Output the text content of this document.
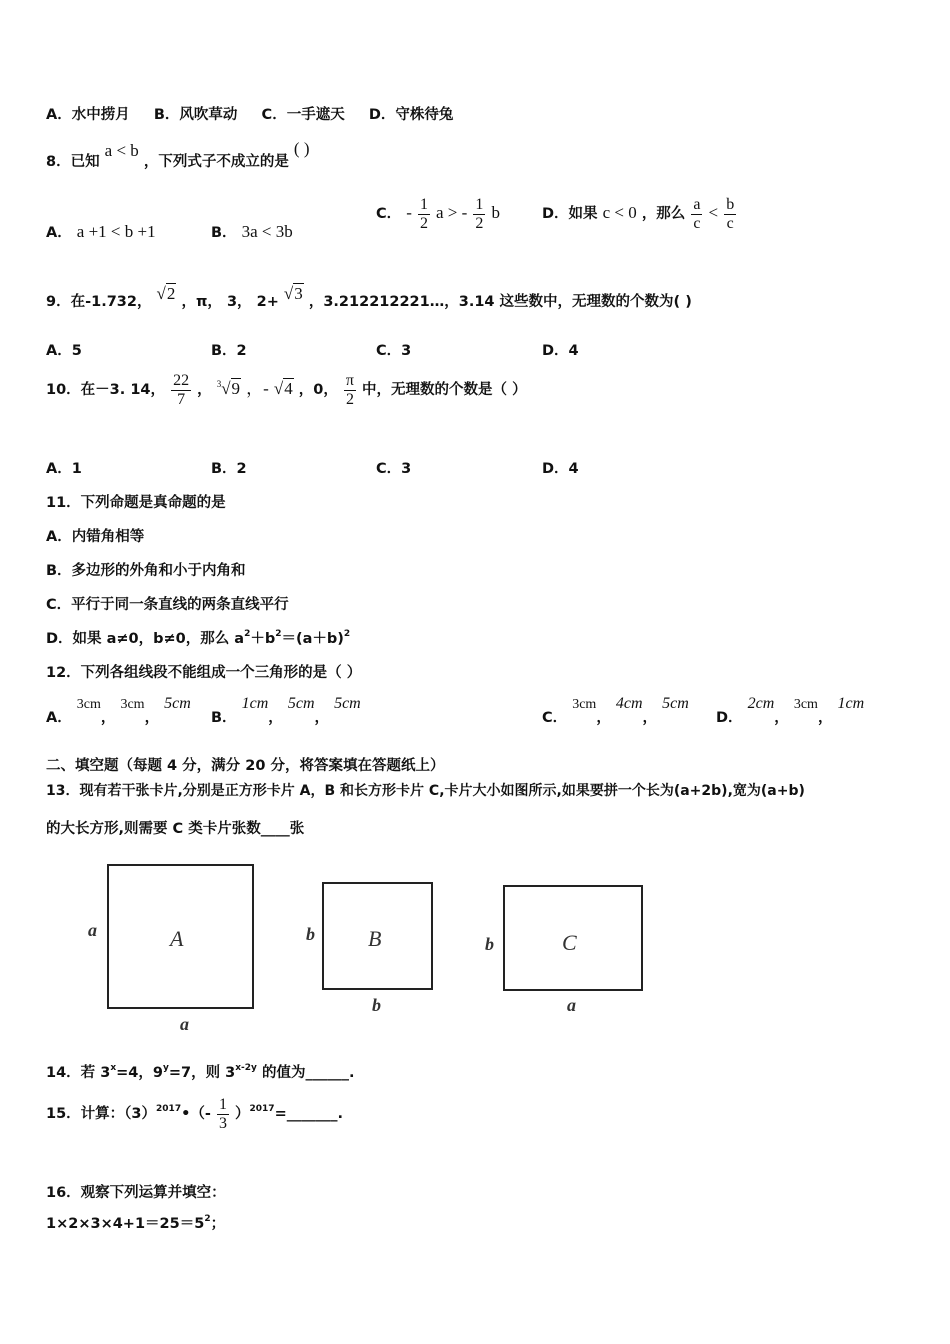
A．水中捞月 B．风吹草动 C．一手遮天 D．守株待兔
8．已知 a < b ，下列式子不成立的是 ( )
A． a +1 < b +1	B． 3a < 3b
C． - $\frac{1}{2}$ a > - $\frac{1}{2}$ b	D．如果 c < 0 ，那么 $\frac{a}{c} < \frac{b}{c}$
9．在-1.732， √2 ，π， 3， 2+ √3 ，3.212212221…，3.14 这些数中，无理数的个数为( )
A．5	B．2	C．3	D．4
10．在－3. 14， $\frac{22}{7}$ ， $^3$√9 ，- √4 ，0， $\frac{\pi}{2}$ 中，无理数的个数是（ ）
A．1	B．2	C．3	D．4
11．下列命题是真命题的是
A．内错角相等
B．多边形的外角和小于内角和
C．平行于同一条直线的两条直线平行
D．如果 a≠0，b≠0，那么 $a^2+b^2=(a+b)^2$
12．下列各组线段不能组成一个三角形的是（ ）
A． 3cm， 3cm， 5cm
B． 1cm， 5cm， 5cm
C． 3cm， 4cm， 5cm
D． 2cm， 3cm， 1cm
二、填空题（每题 4 分，满分 20 分，将答案填在答题纸上）
13．现有若干张卡片,分别是正方形卡片 A，B 和长方形卡片 C,卡片大小如图所示,如果要拼一个长为(a+2b),宽为(a+b)
的大长方形,则需要 C 类卡片张数____张
A
a
a
B
b
b
C
b
a
14．若 $3^x=4$，$9^y=7$，则 $3^{x-2y}$ 的值为______.
15．计算：$(3)^{2017}•(- \frac{1}{3}$ ）$^{2017}$=_______.
16．观察下列运算并填空：
$1\times 2\times 3\times 4+1=25=5^2$；
